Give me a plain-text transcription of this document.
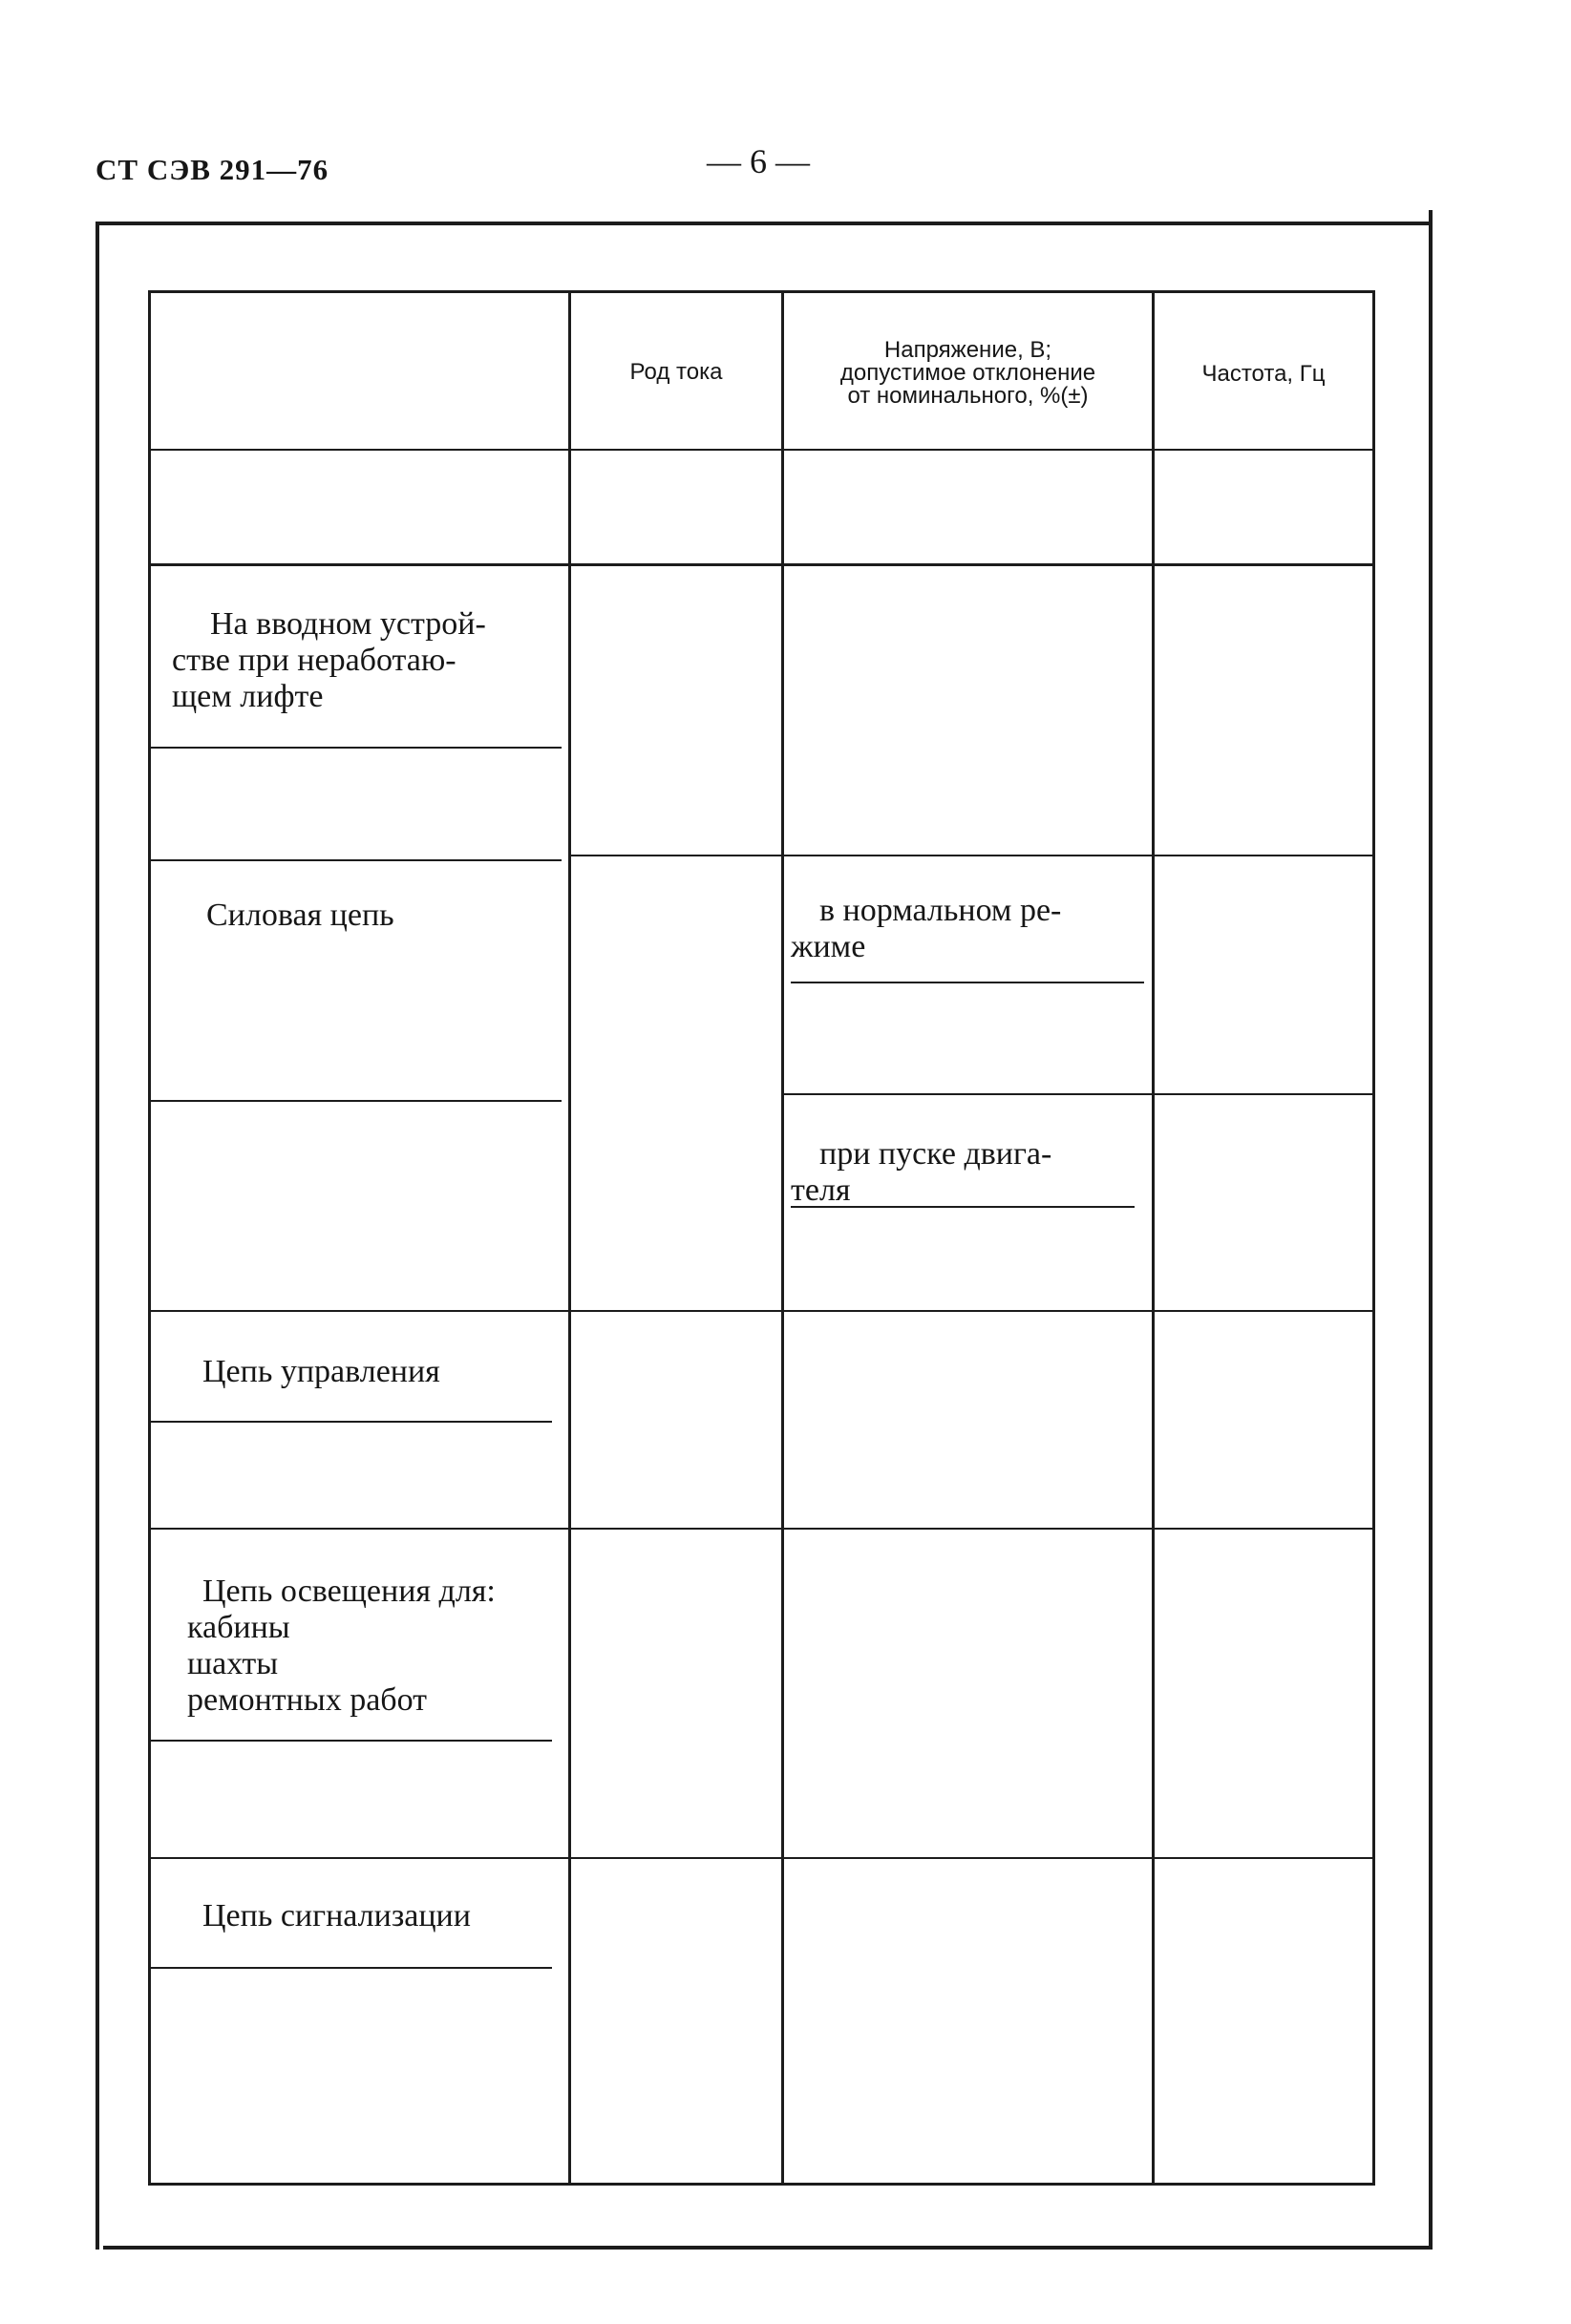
СТ СЭВ 291—76	— 6 —
Род тока
Напряжение, В;
допустимое отклонение
от номинального, %(±)
Частота, Гц
На вводном устрой-
стве при неработаю-
щем лифте
Силовая цепь	в нормальном ре-
жиме
при пуске двига-
теля
Цепь управления
Цепь освещения для:
кабины
шахты
ремонтных работ
Цепь сигнализации
